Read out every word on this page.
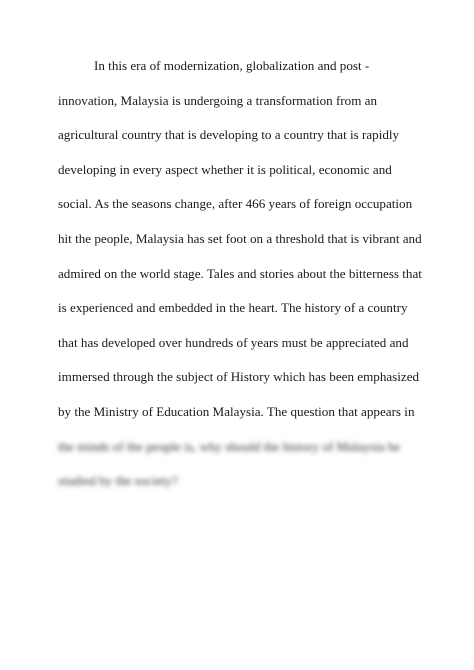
In this era of modernization, globalization and post -
innovation, Malaysia is undergoing a transformation from an
agricultural country that is developing to a country that is rapidly
developing in every aspect whether it is political, economic and
social. As the seasons change, after 466 years of foreign occupation
hit the people, Malaysia has set foot on a threshold that is vibrant and
admired on the world stage. Tales and stories about the bitterness that
is experienced and embedded in the heart. The history of a country
that has developed over hundreds of years must be appreciated and
immersed through the subject of History which has been emphasized
by the Ministry of Education Malaysia. The question that appears in
the minds of the people is, why should the history of Malaysia be
studied by the society?
